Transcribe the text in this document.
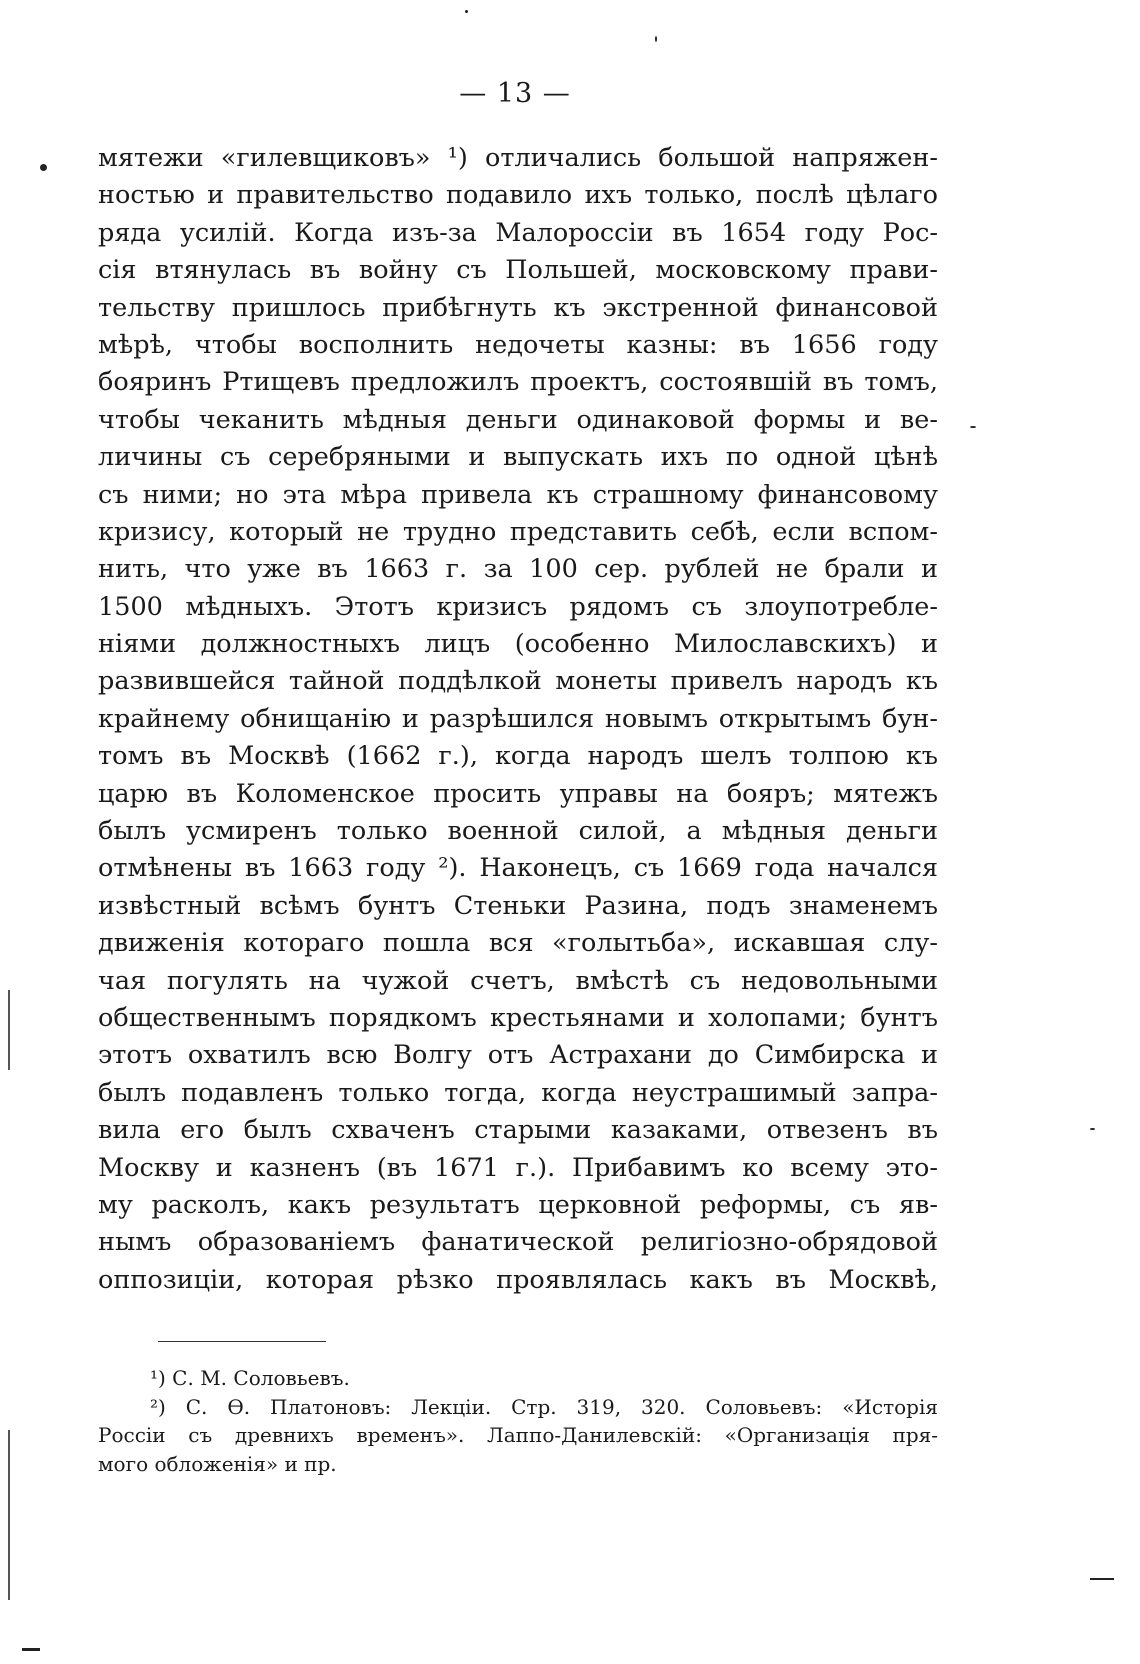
— 13 —
мятежи «гилевщиковъ» ¹) отличались большой напряжен-
ностью и правительство подавило ихъ только, послѣ цѣлаго
ряда усилій. Когда изъ-за Малороссіи въ 1654 году Рос-
сія втянулась въ войну съ Польшей, московскому прави-
тельству пришлось прибѣгнуть къ экстренной финансовой
мѣрѣ, чтобы восполнить недочеты казны: въ 1656 году
бояринъ Ртищевъ предложилъ проектъ, состоявшій въ томъ,
чтобы чеканить мѣдныя деньги одинаковой формы и ве-
личины съ серебряными и выпускать ихъ по одной цѣнѣ
съ ними; но эта мѣра привела къ страшному финансовому
кризису, который не трудно представить себѣ, если вспом-
нить, что уже въ 1663 г. за 100 сер. рублей не брали и
1500 мѣдныхъ. Этотъ кризисъ рядомъ съ злоупотребле-
ніями должностныхъ лицъ (особенно Милославскихъ) и
развившейся тайной поддѣлкой монеты привелъ народъ къ
крайнему обнищанію и разрѣшился новымъ открытымъ бун-
томъ въ Москвѣ (1662 г.), когда народъ шелъ толпою къ
царю въ Коломенское просить управы на бояръ; мятежъ
былъ усмиренъ только военной силой, а мѣдныя деньги
отмѣнены въ 1663 году ²). Наконецъ, съ 1669 года начался
извѣстный всѣмъ бунтъ Стеньки Разина, подъ знаменемъ
движенія котораго пошла вся «голытьба», искавшая слу-
чая погулять на чужой счетъ, вмѣстѣ съ недовольными
общественнымъ порядкомъ крестьянами и холопами; бунтъ
этотъ охватилъ всю Волгу отъ Астрахани до Симбирска и
былъ подавленъ только тогда, когда неустрашимый запра-
вила его былъ схваченъ старыми казаками, отвезенъ въ
Москву и казненъ (въ 1671 г.). Прибавимъ ко всему это-
му расколъ, какъ результатъ церковной реформы, съ яв-
нымъ образованіемъ фанатической религіозно-обрядовой
оппозиціи, которая рѣзко проявлялась какъ въ Москвѣ,
¹) С. М. Соловьевъ.
²) С. Ө. Платоновъ: Лекціи. Стр. 319, 320. Соловьевъ: «Исторія
Россіи съ древнихъ временъ». Лаппо-Данилевскій: «Организація пря-
мого обложенія» и пр.
